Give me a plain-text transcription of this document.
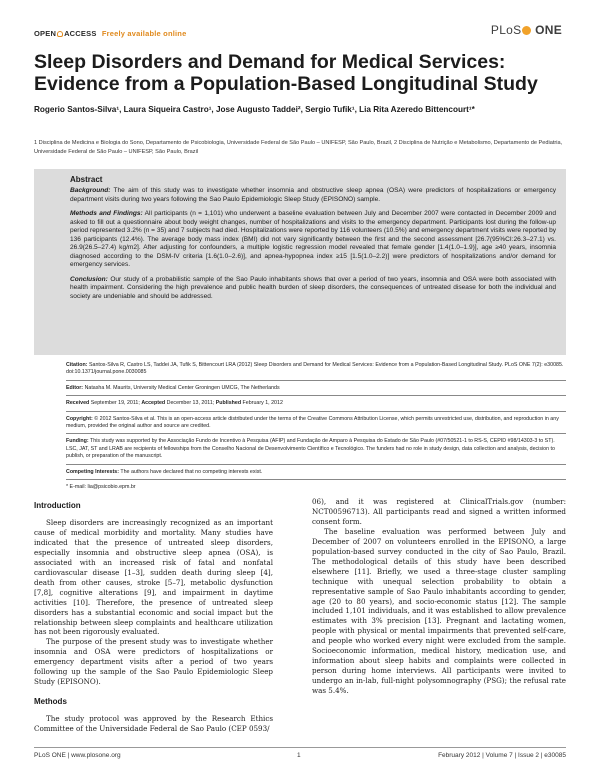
OPEN ACCESS Freely available online	PLoS ONE
Sleep Disorders and Demand for Medical Services: Evidence from a Population-Based Longitudinal Study
Rogerio Santos-Silva¹, Laura Siqueira Castro¹, Jose Augusto Taddei², Sergio Tufik¹, Lia Rita Azeredo Bittencourt¹*
1 Disciplina de Medicina e Biologia do Sono, Departamento de Psicobiologia, Universidade Federal de São Paulo – UNIFESP, São Paulo, Brazil, 2 Disciplina de Nutrição e Metabolismo, Departamento de Pediatria, Universidade Federal de São Paulo – UNIFESP, São Paulo, Brazil
Abstract

Background: The aim of this study was to investigate whether insomnia and obstructive sleep apnea (OSA) were predictors of hospitalizations or emergency department visits during two years following the Sao Paulo Epidemiologic Sleep Study (EPISONO) sample.

Methods and Findings: All participants (n = 1,101) who underwent a baseline evaluation between July and December 2007 were contacted in December 2009 and asked to fill out a questionnaire about body weight changes, number of hospitalizations and visits to the emergency department. Participants lost during the follow-up period represented 3.2% (n = 35) and 7 subjects had died. Hospitalizations were reported by 116 volunteers (10.5%) and emergency department visits were reported by 136 participants (12.4%). The average body mass index (BMI) did not vary significantly between the first and the second assessment [26.7(95%CI:26.3–27.1) vs. 26.9(26.5–27.4) kg/m2]. After adjusting for confounders, a multiple logistic regression model revealed that female gender [1.4(1.0–1.9)], age ≥40 years, insomnia diagnosed according to the DSM-IV criteria [1.6(1.0–2.6)], and apnea-hypopnea index ≥15 [1.5(1.0–2.2)] were predictors of hospitalizations and/or demand for emergency services.

Conclusion: Our study of a probabilistic sample of the Sao Paulo inhabitants shows that over a period of two years, insomnia and OSA were both associated with health impairment. Considering the high prevalence and public health burden of sleep disorders, the consequences of untreated disease for both the individual and society are undeniable and should be addressed.

Citation: Santos-Silva R, Castro LS, Taddei JA, Tufik S, Bittencourt LRA (2012) Sleep Disorders and Demand for Medical Services: Evidence from a Population-Based Longitudinal Study. PLoS ONE 7(2): e30085. doi:10.1371/journal.pone.0030085

Editor: Natasha M. Maurits, University Medical Center Groningen UMCG, The Netherlands

Received September 19, 2011; Accepted December 13, 2011; Published February 1, 2012

Copyright: © 2012 Santos-Silva et al. This is an open-access article distributed under the terms of the Creative Commons Attribution License, which permits unrestricted use, distribution, and reproduction in any medium, provided the original author and source are credited.

Funding: This study was supported by the Associação Fundo de Incentivo à Pesquisa (AFIP) and Fundação de Amparo à Pesquisa do Estado de São Paulo (#07/50521-1 to RS-S, CEPID #98/14303-3 to ST). LSC, JAT, ST and LRAB are recipients of fellowships from the Conselho Nacional de Desenvolvimento Científico e Tecnológico. The funders had no role in study design, data collection and analysis, decision to publish, or preparation of the manuscript.

Competing Interests: The authors have declared that no competing interests exist.

* E-mail: lia@psicobio.epm.br

Introduction

Sleep disorders are increasingly recognized as an important cause of medical morbidity and mortality. Many studies have indicated that the presence of untreated sleep disorders, especially insomnia and obstructive sleep apnea (OSA), is associated with an increased risk of fatal and nonfatal cardiovascular disease [1–3], sudden death during sleep [4], death from other causes, stroke [5–7], metabolic dysfunction [7,8], cognitive alterations [9], and impairment in daytime activities [10]. Therefore, the presence of untreated sleep disorders has a substantial economic and social impact but the relationship between sleep complaints and healthcare utilization has not been rigorously evaluated.

The purpose of the present study was to investigate whether insomnia and OSA were predictors of hospitalizations or emergency department visits after a period of two years following up the sample of the Sao Paulo Epidemiologic Sleep Study (EPISONO).

Methods

The study protocol was approved by the Research Ethics Committee of the Universidade Federal de Sao Paulo (CEP 0593/

06), and it was registered at ClinicalTrials.gov (number: NCT00596713). All participants read and signed a written informed consent form.

The baseline evaluation was performed between July and December of 2007 on volunteers enrolled in the EPISONO, a large population-based survey conducted in the city of Sao Paulo, Brazil. The methodological details of this study have been described elsewhere [11]. Briefly, we used a three-stage cluster sampling technique with unequal selection probability to obtain a representative sample of Sao Paulo inhabitants according to gender, age (20 to 80 years), and socio-economic status [12]. The sample included 1,101 individuals, and it was established to allow prevalence estimates with 3% precision [13]. Pregnant and lactating women, people with physical or mental impairments that prevented self-care, and people who worked every night were excluded from the sample. Socioeconomic information, medical history, medication use, and information about sleep habits and complaints were collected in person during home interviews. All participants were invited to undergo an in-lab, full-night polysomnography (PSG); the refusal rate was 5.4%.

PLoS ONE | www.plosone.org	1	February 2012 | Volume 7 | Issue 2 | e30085
